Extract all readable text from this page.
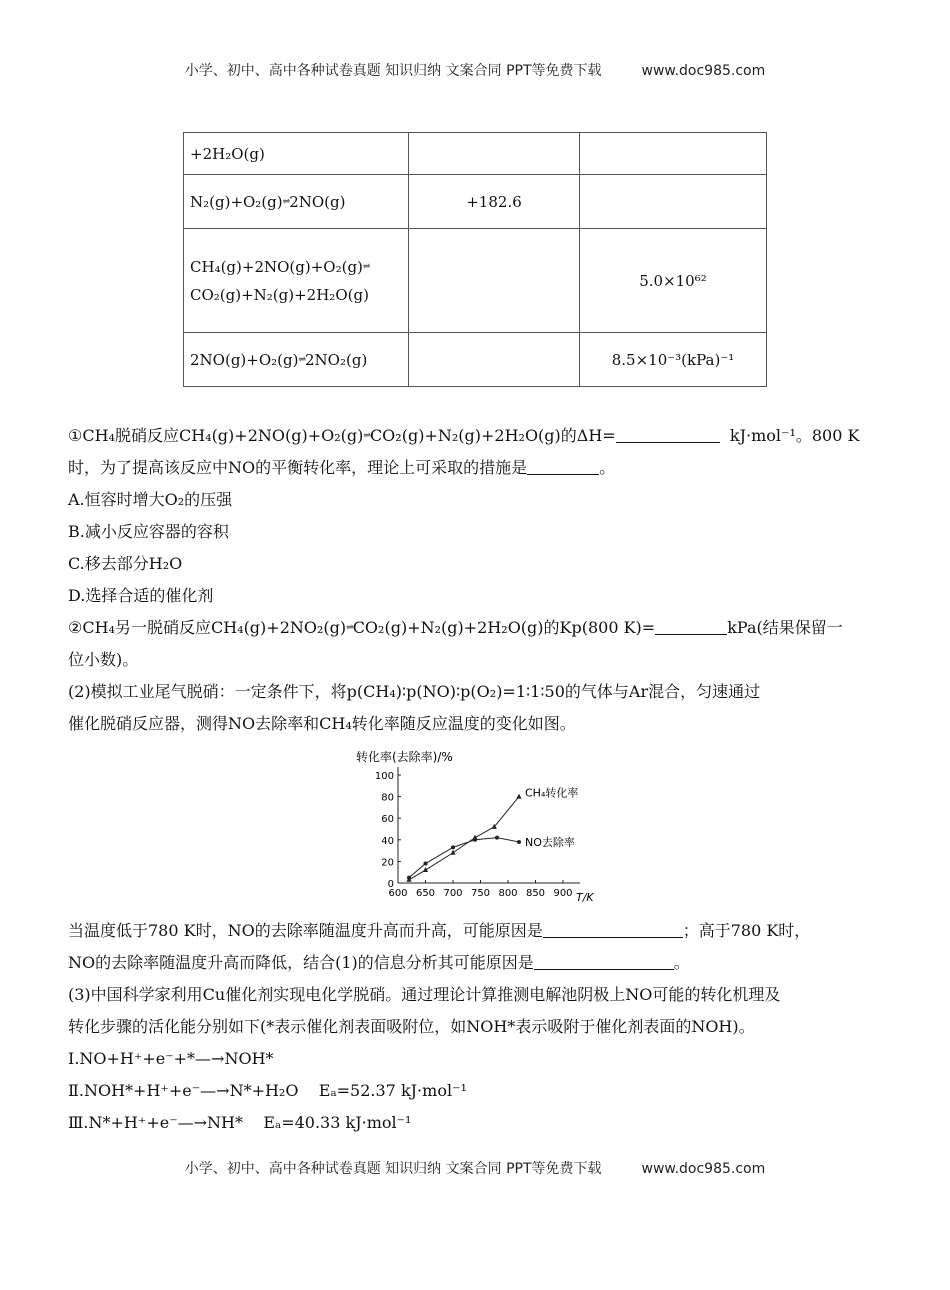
小学、初中、高中各种试卷真题 知识归纳 文案合同 PPT等免费下载	www.doc985.com
+2H₂O(g)		
N₂(g)+O₂(g)⇌2NO(g)	+182.6	
CH₄(g)+2NO(g)+O₂(g)⇌
CO₂(g)+N₂(g)+2H₂O(g)		5.0×10⁶²
2NO(g)+O₂(g)⇌2NO₂(g)		8.5×10⁻³(kPa)⁻¹
①CH₄脱硝反应CH₄(g)+2NO(g)+O₂(g)⇌CO₂(g)+N₂(g)+2H₂O(g)的ΔH=	kJ·mol⁻¹。800 K
时，为了提高该反应中NO的平衡转化率，理论上可采取的措施是	。
A.恒容时增大O₂的压强
B.减小反应容器的容积
C.移去部分H₂O
D.选择合适的催化剂
②CH₄另一脱硝反应CH₄(g)+2NO₂(g)⇌CO₂(g)+N₂(g)+2H₂O(g)的Kp(800 K)=	kPa(结果保留一
位小数)。
(2)模拟工业尾气脱硝：一定条件下，将p(CH₄)∶p(NO)∶p(O₂)=1∶1∶50的气体与Ar混合，匀速通过
催化脱硝反应器，测得NO去除率和CH₄转化率随反应温度的变化如图。
转化率(去除率)/%
T/K
0
20
40
60
80
100
600 650 700 750 800 850 900
CH₄转化率
NO去除率
当温度低于780 K时，NO的去除率随温度升高而升高，可能原因是	；高于780 K时，
NO的去除率随温度升高而降低，结合(1)的信息分析其可能原因是	。
(3)中国科学家利用Cu催化剂实现电化学脱硝。通过理论计算推测电解池阴极上NO可能的转化机理及
转化步骤的活化能分别如下(*表示催化剂表面吸附位，如NOH*表示吸附于催化剂表面的NOH)。
Ⅰ.NO+H⁺+e⁻+*—→NOH*
Ⅱ.NOH*+H⁺+e⁻—→N*+H₂O    Eₐ=52.37 kJ·mol⁻¹
Ⅲ.N*+H⁺+e⁻—→NH*    Eₐ=40.33 kJ·mol⁻¹
小学、初中、高中各种试卷真题 知识归纳 文案合同 PPT等免费下载	www.doc985.com
